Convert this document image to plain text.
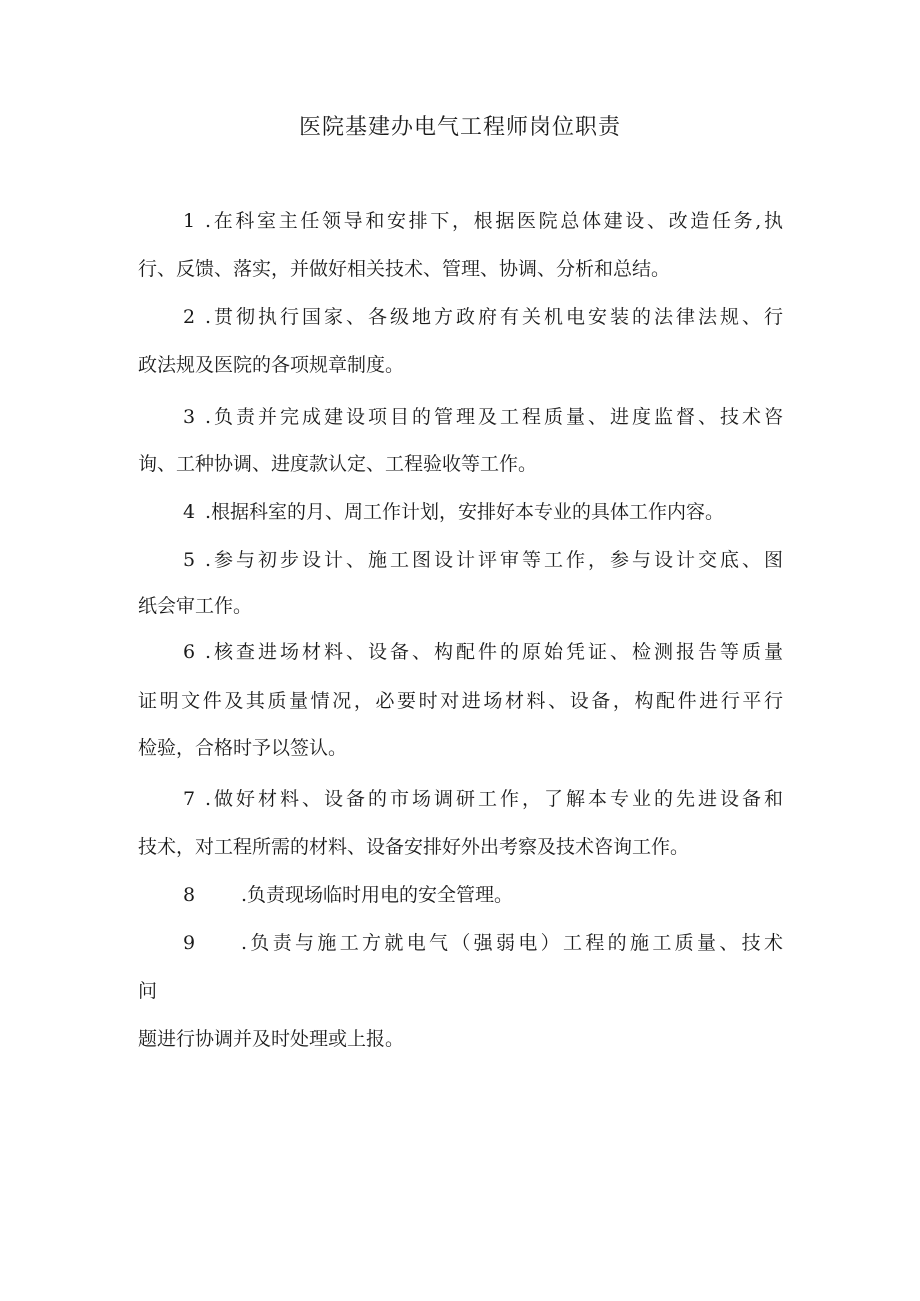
医院基建办电气工程师岗位职责
1 .在科室主任领导和安排下，根据医院总体建设、改造任务,执
行、反馈、落实，并做好相关技术、管理、协调、分析和总结。
2 .贯彻执行国家、各级地方政府有关机电安装的法律法规、行
政法规及医院的各项规章制度。
3 .负责并完成建设项目的管理及工程质量、进度监督、技术咨
询、工种协调、进度款认定、工程验收等工作。
4 .根据科室的月、周工作计划，安排好本专业的具体工作内容。
5 .参与初步设计、施工图设计评审等工作，参与设计交底、图
纸会审工作。
6 .核查进场材料、设备、构配件的原始凭证、检测报告等质量
证明文件及其质量情况，必要时对进场材料、设备，构配件进行平行
检验，合格时予以签认。
7 .做好材料、设备的市场调研工作，了解本专业的先进设备和
技术，对工程所需的材料、设备安排好外出考察及技术咨询工作。
8 .负责现场临时用电的安全管理。
9 .负责与施工方就电气（强弱电）工程的施工质量、技术
问
题进行协调并及时处理或上报。
